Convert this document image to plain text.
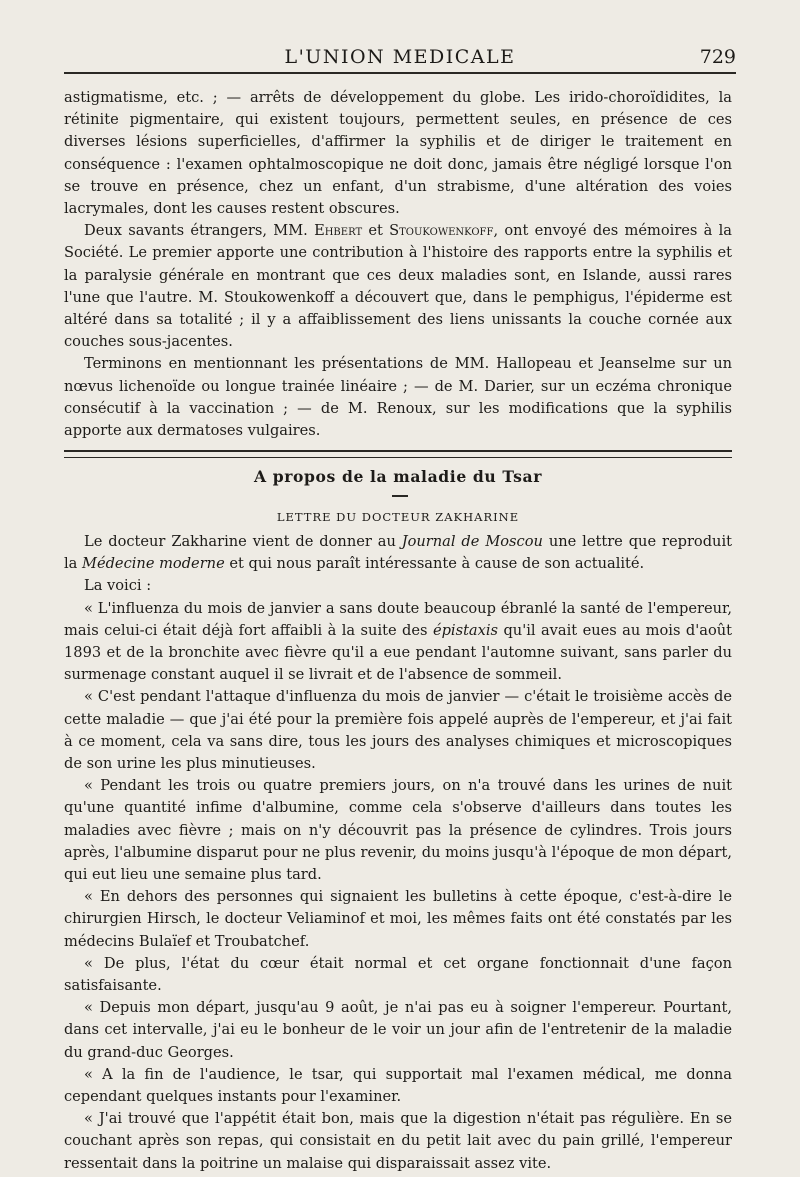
L'UNION MEDICALE	729

astigmatisme, etc. ; — arrêts de développement du globe. Les irido-choroïdidites, la rétinite pigmentaire, qui existent toujours, permettent seules, en présence de ces diverses lésions superficielles, d'affirmer la syphilis et de diriger le traitement en conséquence : l'examen ophtalmoscopique ne doit donc, jamais être négligé lorsque l'on se trouve en présence, chez un enfant, d'un strabisme, d'une altération des voies lacrymales, dont les causes restent obscures.

Deux savants étrangers, MM. Ehbert et Stoukowenkoff, ont envoyé des mémoires à la Société. Le premier apporte une contribution à l'histoire des rapports entre la syphilis et la paralysie générale en montrant que ces deux maladies sont, en Islande, aussi rares l'une que l'autre. M. Stoukowenkoff a découvert que, dans le pemphigus, l'épiderme est altéré dans sa totalité ; il y a affaiblissement des liens unissants la couche cornée aux couches sous-jacentes.

Terminons en mentionnant les présentations de MM. Hallopeau et Jeanselme sur un nœvus lichenoïde ou longue trainée linéaire ; — de M. Darier, sur un eczéma chronique consécutif à la vaccination ; — de M. Renoux, sur les modifications que la syphilis apporte aux dermatoses vulgaires.

A propos de la maladie du Tsar
LETTRE DU DOCTEUR ZAKHARINE

Le docteur Zakharine vient de donner au Journal de Moscou une lettre que reproduit la Médecine moderne et qui nous paraît intéressante à cause de son actualité.

La voici :

« L'influenza du mois de janvier a sans doute beaucoup ébranlé la santé de l'empereur, mais celui-ci était déjà fort affaibli à la suite des épistaxis qu'il avait eues au mois d'août 1893 et de la bronchite avec fièvre qu'il a eue pendant l'automne suivant, sans parler du surmenage constant auquel il se livrait et de l'absence de sommeil.

« C'est pendant l'attaque d'influenza du mois de janvier — c'était le troisième accès de cette maladie — que j'ai été pour la première fois appelé auprès de l'empereur, et j'ai fait à ce moment, cela va sans dire, tous les jours des analyses chimiques et microscopiques de son urine les plus minutieuses.

« Pendant les trois ou quatre premiers jours, on n'a trouvé dans les urines de nuit qu'une quantité infime d'albumine, comme cela s'observe d'ailleurs dans toutes les maladies avec fièvre ; mais on n'y découvrit pas la présence de cylindres. Trois jours après, l'albumine disparut pour ne plus revenir, du moins jusqu'à l'époque de mon départ, qui eut lieu une semaine plus tard.

« En dehors des personnes qui signaient les bulletins à cette époque, c'est-à-dire le chirurgien Hirsch, le docteur Veliaminof et moi, les mêmes faits ont été constatés par les médecins Bulaïef et Troubatchef.

« De plus, l'état du cœur était normal et cet organe fonctionnait d'une façon satisfaisante.

« Depuis mon départ, jusqu'au 9 août, je n'ai pas eu à soigner l'empereur. Pourtant, dans cet intervalle, j'ai eu le bonheur de le voir un jour afin de l'entretenir de la maladie du grand-duc Georges.

« A la fin de l'audience, le tsar, qui supportait mal l'examen médical, me donna cependant quelques instants pour l'examiner.

« J'ai trouvé que l'appétit était bon, mais que la digestion n'était pas régulière. En se couchant après son repas, qui consistait en du petit lait avec du pain grillé, l'empereur ressentait dans la poitrine un malaise qui disparaissait assez vite.
